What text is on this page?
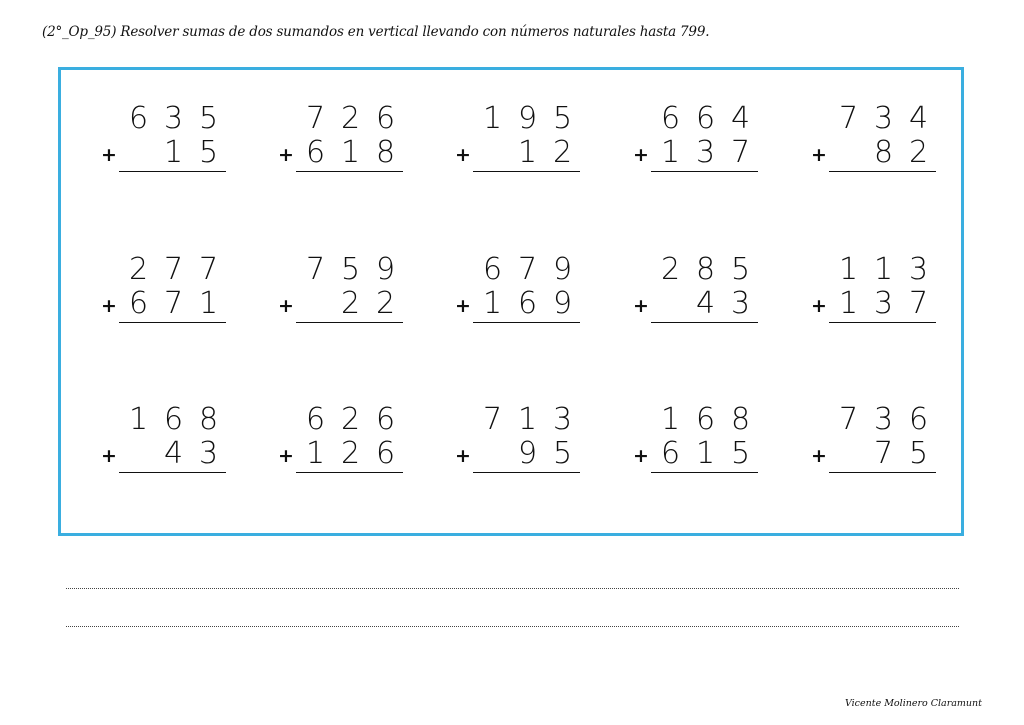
(2°_Op_95) Resolver sumas de dos sumandos en vertical llevando con números naturales hasta 799.
6 3 5
1 5
+
7 2 6
6 1 8
+
1 9 5
1 2
+
6 6 4
1 3 7
+
7 3 4
8 2
+
2 7 7
6 7 1
+
7 5 9
2 2
+
6 7 9
1 6 9
+
2 8 5
4 3
+
1 1 3
1 3 7
+
1 6 8
4 3
+
6 2 6
1 2 6
+
7 1 3
9 5
+
1 6 8
6 1 5
+
7 3 6
7 5
+
Vicente Molinero Claramunt
